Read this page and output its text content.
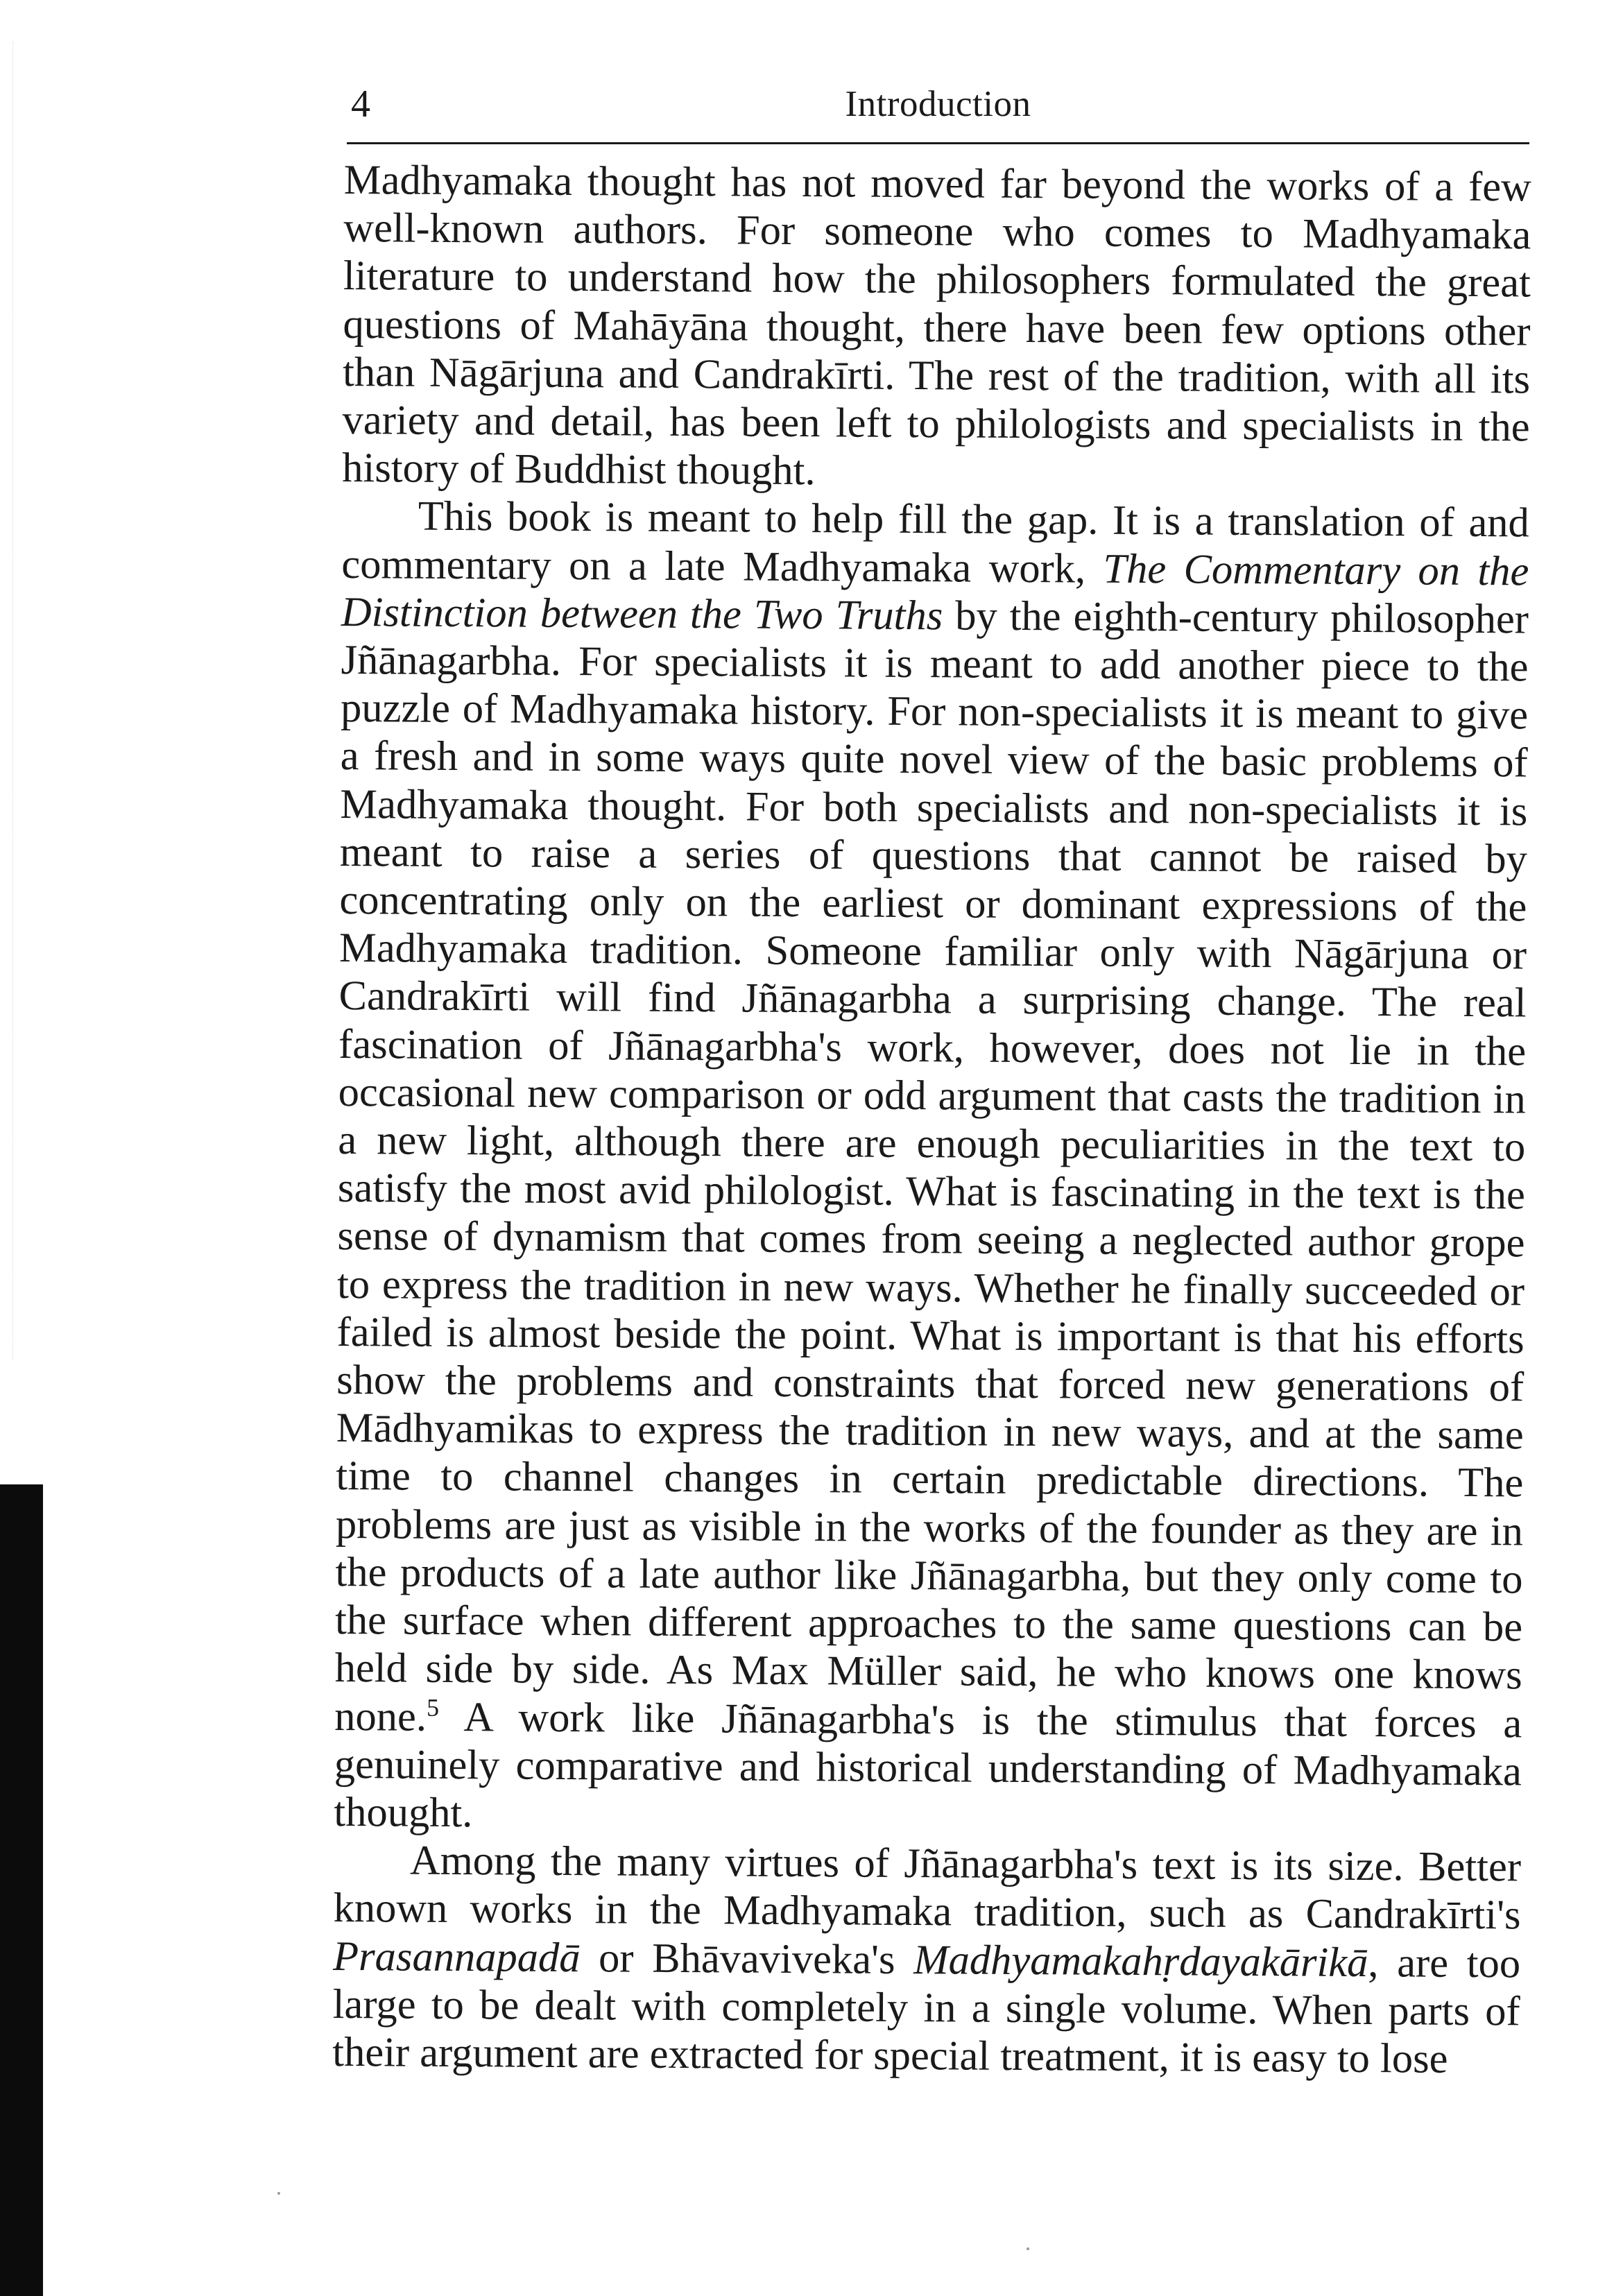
4	Introduction

Madhyamaka thought has not moved far beyond the works of a few well-known authors. For someone who comes to Madhyamaka literature to understand how the philosophers formulated the great questions of Mahāyāna thought, there have been few options other than Nāgārjuna and Candrakīrti. The rest of the tradition, with all its variety and detail, has been left to philologists and specialists in the history of Buddhist thought.

This book is meant to help fill the gap. It is a translation of and commentary on a late Madhyamaka work, The Commentary on the Distinction between the Two Truths by the eighth-century philosopher Jñānagarbha. For specialists it is meant to add another piece to the puzzle of Madhyamaka history. For non-specialists it is meant to give a fresh and in some ways quite novel view of the basic problems of Madhyamaka thought. For both specialists and non-specialists it is meant to raise a series of questions that cannot be raised by concentrating only on the earliest or dominant expressions of the Madhyamaka tradition. Someone familiar only with Nāgārjuna or Candrakīrti will find Jñānagarbha a surprising change. The real fascination of Jñānagarbha's work, however, does not lie in the occasional new comparison or odd argument that casts the tradition in a new light, although there are enough peculiarities in the text to satisfy the most avid philologist. What is fascinating in the text is the sense of dynamism that comes from seeing a neglected author grope to express the tradition in new ways. Whether he finally succeeded or failed is almost beside the point. What is important is that his efforts show the problems and constraints that forced new generations of Mādhyamikas to express the tradition in new ways, and at the same time to channel changes in certain predictable directions. The problems are just as visible in the works of the founder as they are in the products of a late author like Jñānagarbha, but they only come to the surface when different approaches to the same questions can be held side by side. As Max Müller said, he who knows one knows none.$^5$ A work like Jñānagarbha's is the stimulus that forces a genuinely comparative and historical understanding of Madhyamaka thought.

Among the many virtues of Jñānagarbha's text is its size. Better known works in the Madhyamaka tradition, such as Candrakīrti's Prasannapadā or Bhāvaviveka's Madhyamakahṛdayakārikā, are too large to be dealt with completely in a single volume. When parts of their argument are extracted for special treatment, it is easy to lose
